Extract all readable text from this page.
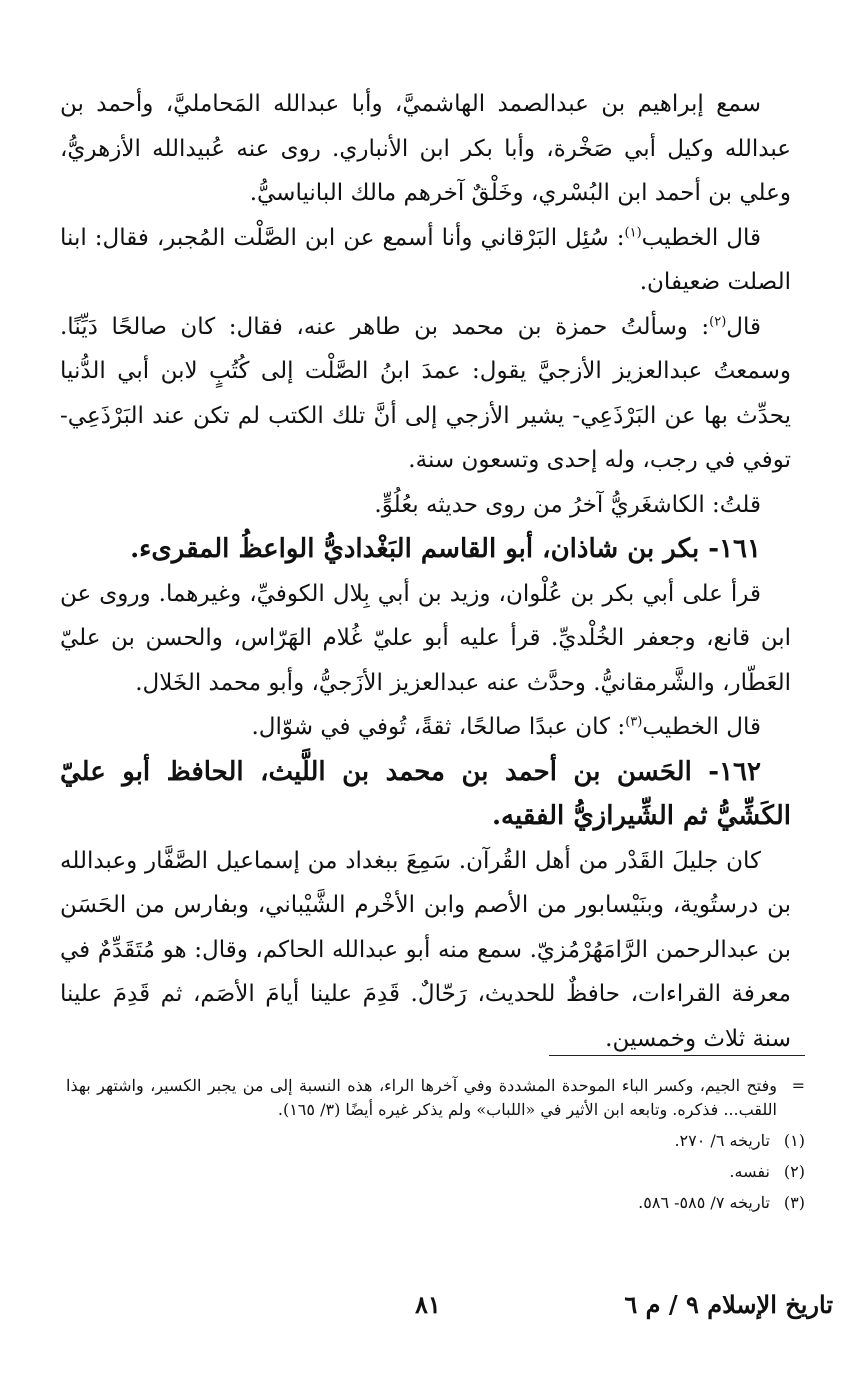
سمع إبراهيم بن عبدالصمد الهاشميَّ، وأبا عبدالله المَحامليَّ، وأحمد بن عبدالله وكيل أبي صَخْرة، وأبا بكر ابن الأنباري. روى عنه عُبيدالله الأزهريُّ، وعلي بن أحمد ابن البُسْري، وخَلْقٌ آخرهم مالك البانياسيُّ.

قال الخطيب$^{(١)}$: سُئِل البَرْقاني وأنا أسمع عن ابن الصَّلْت المُجبر، فقال: ابنا الصلت ضعيفان.

قال$^{(٢)}$: وسألتُ حمزة بن محمد بن طاهر عنه، فقال: كان صالحًا دَيِّنًا. وسمعتُ عبدالعزيز الأزجيَّ يقول: عمدَ ابنُ الصَّلْت إلى كُتُبٍ لابن أبي الدُّنيا يحدِّث بها عن البَرْذَعِي- يشير الأزجي إلى أنَّ تلك الكتب لم تكن عند البَرْذَعِي- توفي في رجب، وله إحدى وتسعون سنة.

قلتُ: الكاشغَريُّ آخرُ من روى حديثه بعُلُوٍّ.

١٦١- بكر بن شاذان، أبو القاسم البَغْداديُّ الواعظُ المقرىء.

قرأ على أبي بكر بن عُلْوان، وزيد بن أبي بِلال الكوفيِّ، وغيرهما. وروى عن ابن قانع، وجعفر الخُلْديِّ. قرأ عليه أبو عليّ غُلام الهَرّاس، والحسن بن عليّ العَطّار، والشَّرمقانيُّ. وحدَّث عنه عبدالعزيز الأزَجيُّ، وأبو محمد الخَلال.

قال الخطيب$^{(٣)}$: كان عبدًا صالحًا، ثقةً، تُوفي في شوّال.

١٦٢- الحَسن بن أحمد بن محمد بن اللَّيث، الحافظ أبو عليّ الكَشِّيُّ ثم الشِّيرازيُّ الفقيه.

كان جليلَ القَدْر من أهل القُرآن. سَمِعَ ببغداد من إسماعيل الصَّفَّار وعبدالله بن درستُوية، وبنَيْسابور من الأصم وابن الأخْرم الشَّيْباني، وبفارس من الحَسَن بن عبدالرحمن الرَّامَهُرْمُزيّ. سمع منه أبو عبدالله الحاكم، وقال: هو مُتَقَدِّمٌ في معرفة القراءات، حافظٌ للحديث، رَحّالٌ. قَدِمَ علينا أيامَ الأصَم، ثم قَدِمَ علينا سنة ثلاث وخمسين.

=
وفتح الجيم، وكسر الباء الموحدة المشددة وفي آخرها الراء، هذه النسبة إلى من يجبر الكسير، واشتهر بهذا اللقب... فذكره. وتابعه ابن الأثير في «اللباب» ولم يذكر غيره أيضًا (٣/ ١٦٥).
(١)
تاريخه ٦/ ٢٧٠.
(٢)
نفسه.
(٣)
تاريخه ٧/ ٥٨٥- ٥٨٦.
تاريخ الإسلام ٩ / م ٦
٨١
